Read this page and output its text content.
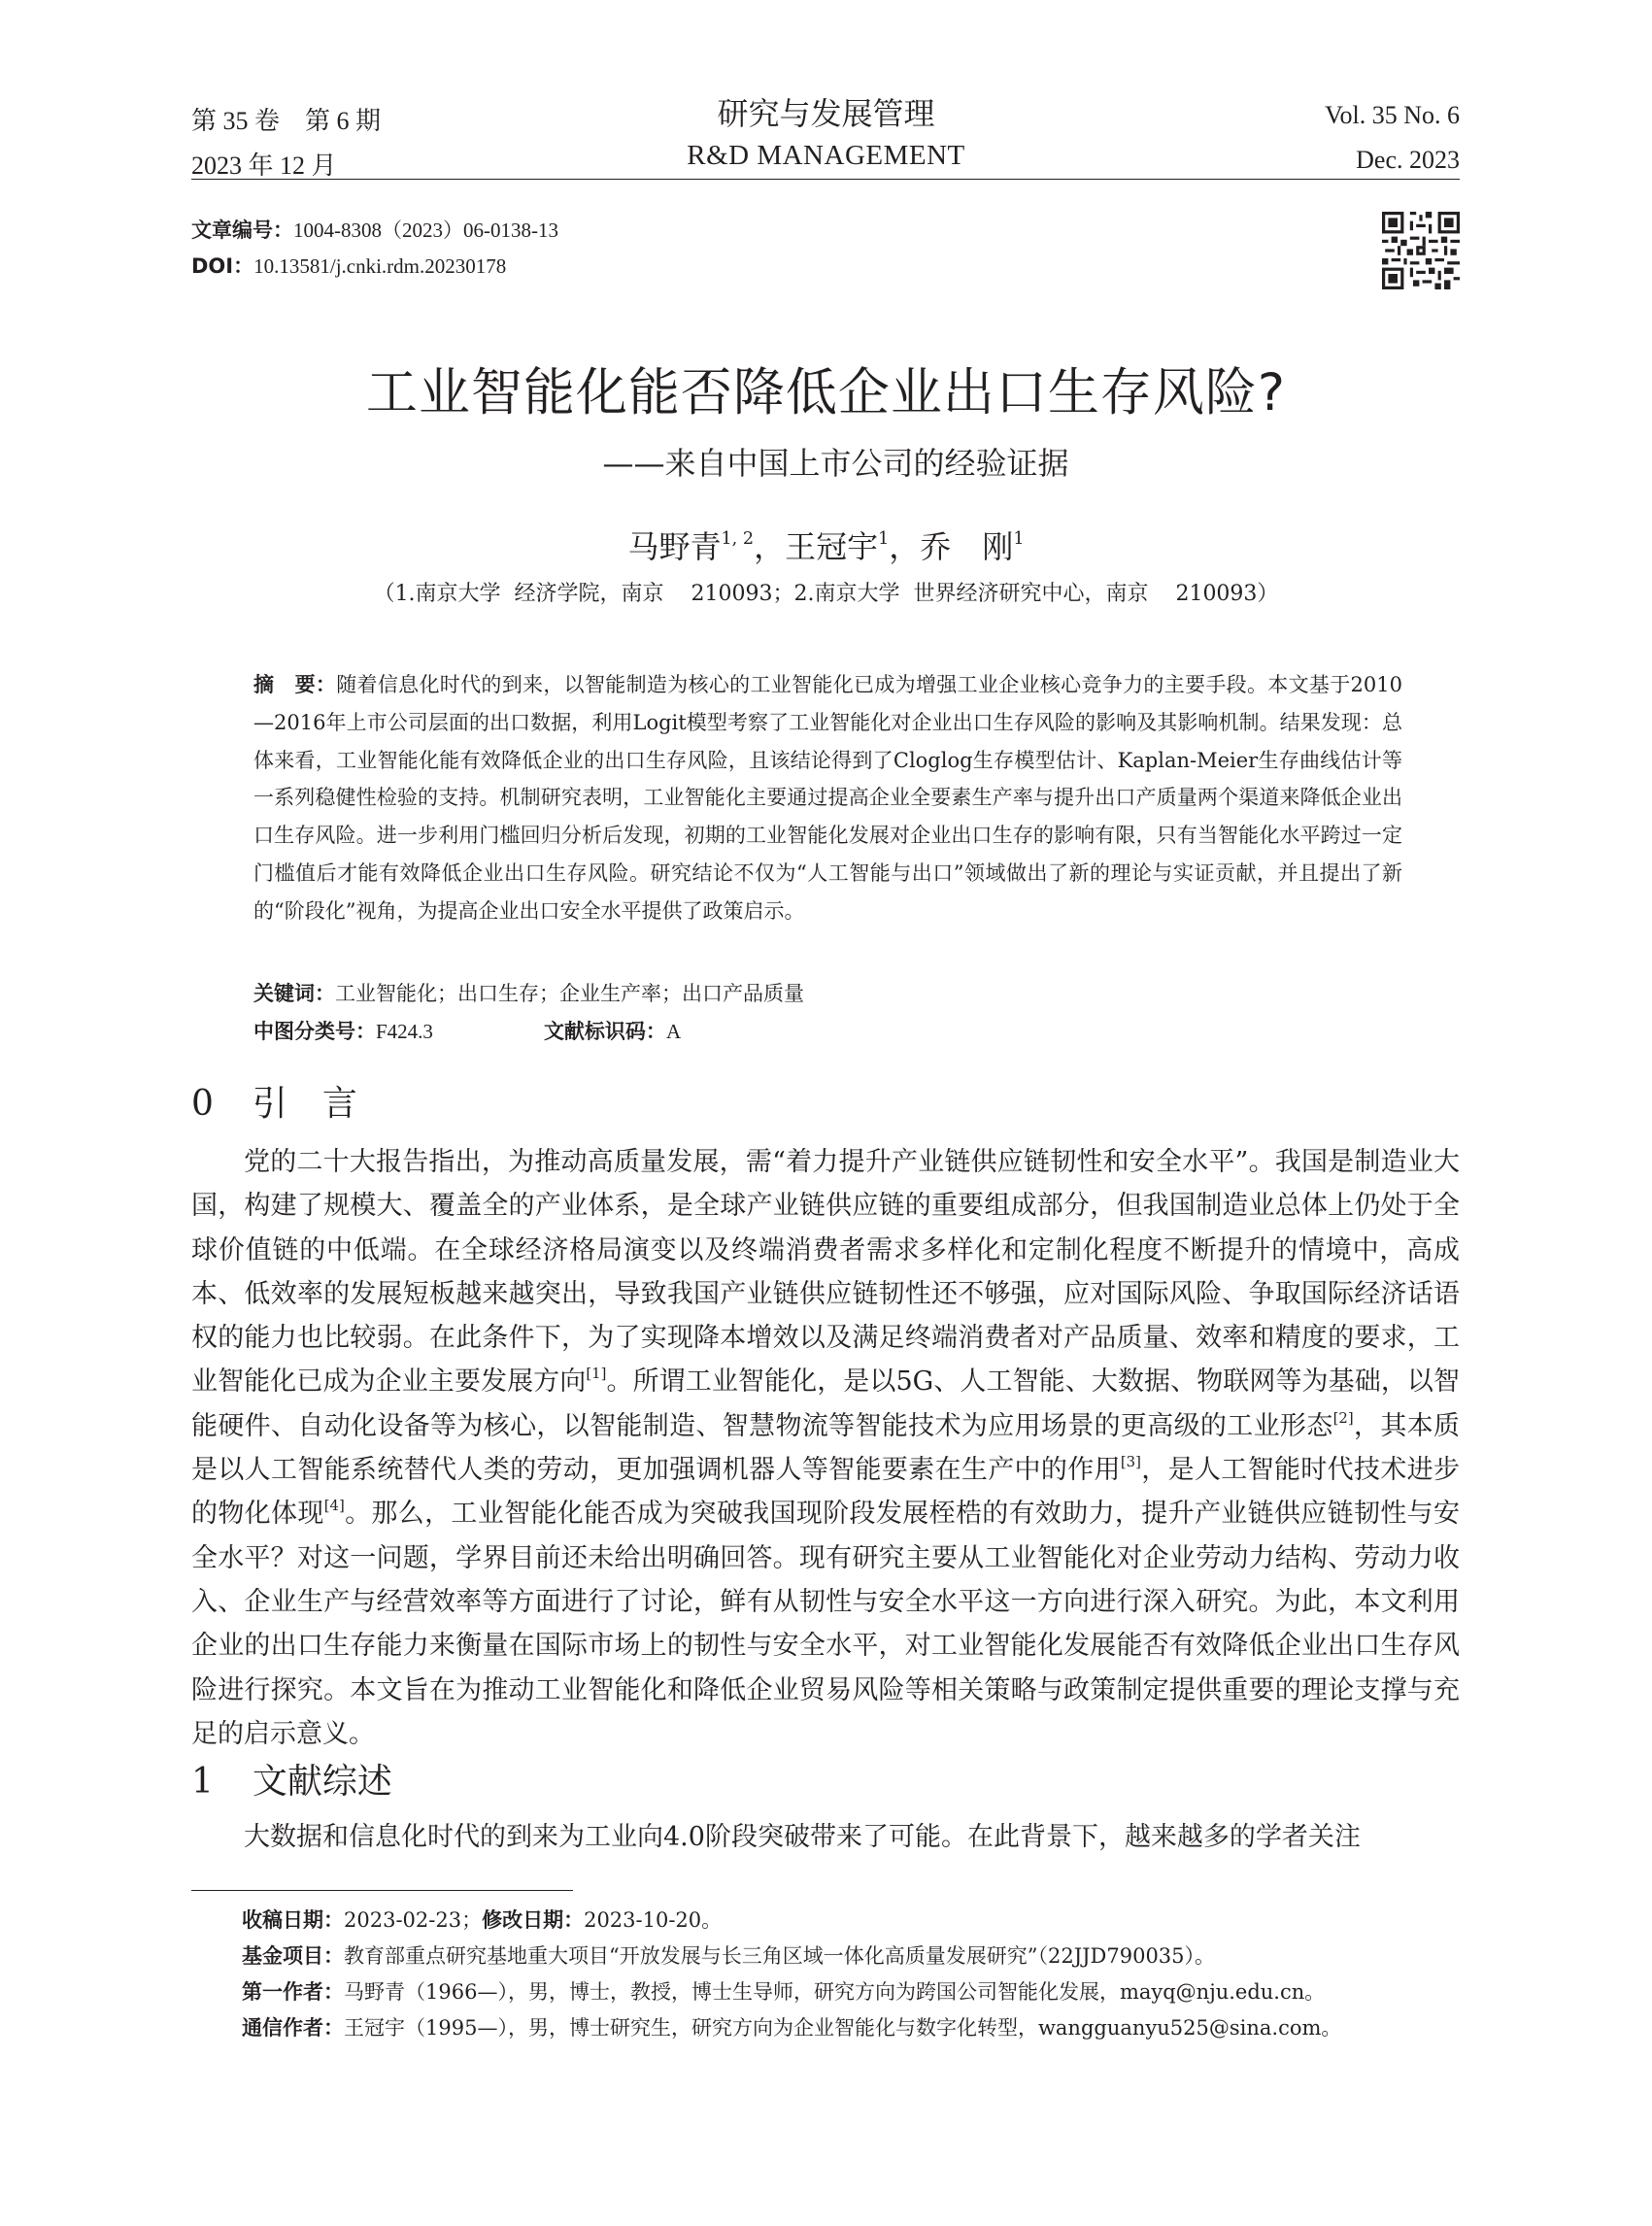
第 35 卷　第 6 期
2023 年 12 月
研究与发展管理
R&D MANAGEMENT
Vol. 35 No. 6
Dec. 2023
文章编号：1004-8308（2023）06-0138-13
DOI：10.13581/j.cnki.rdm.20230178
工业智能化能否降低企业出口生存风险?
——来自中国上市公司的经验证据
马野青$^{1, 2}$，王冠宇$^1$，乔　刚$^1$
（1.南京大学  经济学院，南京    210093；2.南京大学  世界经济研究中心，南京    210093）
摘　要：随着信息化时代的到来，以智能制造为核心的工业智能化已成为增强工业企业核心竞争力的主要手段。本文基于2010—2016年上市公司层面的出口数据，利用Logit模型考察了工业智能化对企业出口生存风险的影响及其影响机制。结果发现：总体来看，工业智能化能有效降低企业的出口生存风险，且该结论得到了Cloglog生存模型估计、Kaplan-Meier生存曲线估计等一系列稳健性检验的支持。机制研究表明，工业智能化主要通过提高企业全要素生产率与提升出口产质量两个渠道来降低企业出口生存风险。进一步利用门槛回归分析后发现，初期的工业智能化发展对企业出口生存的影响有限，只有当智能化水平跨过一定门槛值后才能有效降低企业出口生存风险。研究结论不仅为“人工智能与出口”领域做出了新的理论与实证贡献，并且提出了新的“阶段化”视角，为提高企业出口安全水平提供了政策启示。
关键词：工业智能化；出口生存；企业生产率；出口产品质量
中图分类号：F424.3	文献标识码：A
0 引　言
党的二十大报告指出，为推动高质量发展，需“着力提升产业链供应链韧性和安全水平”。我国是制造业大国，构建了规模大、覆盖全的产业体系，是全球产业链供应链的重要组成部分，但我国制造业总体上仍处于全球价值链的中低端。在全球经济格局演变以及终端消费者需求多样化和定制化程度不断提升的情境中，高成本、低效率的发展短板越来越突出，导致我国产业链供应链韧性还不够强，应对国际风险、争取国际经济话语权的能力也比较弱。在此条件下，为了实现降本增效以及满足终端消费者对产品质量、效率和精度的要求，工业智能化已成为企业主要发展方向[1]。所谓工业智能化，是以5G、人工智能、大数据、物联网等为基础，以智能硬件、自动化设备等为核心，以智能制造、智慧物流等智能技术为应用场景的更高级的工业形态[2]，其本质是以人工智能系统替代人类的劳动，更加强调机器人等智能要素在生产中的作用[3]，是人工智能时代技术进步的物化体现[4]。那么，工业智能化能否成为突破我国现阶段发展桎梏的有效助力，提升产业链供应链韧性与安全水平？对这一问题，学界目前还未给出明确回答。现有研究主要从工业智能化对企业劳动力结构、劳动力收入、企业生产与经营效率等方面进行了讨论，鲜有从韧性与安全水平这一方向进行深入研究。为此，本文利用企业的出口生存能力来衡量在国际市场上的韧性与安全水平，对工业智能化发展能否有效降低企业出口生存风险进行探究。本文旨在为推动工业智能化和降低企业贸易风险等相关策略与政策制定提供重要的理论支撑与充足的启示意义。
1 文献综述
大数据和信息化时代的到来为工业向4.0阶段突破带来了可能。在此背景下，越来越多的学者关注
收稿日期：2023-02-23；修改日期：2023-10-20。
基金项目：教育部重点研究基地重大项目“开放发展与长三角区域一体化高质量发展研究”（22JJD790035）。
第一作者：马野青（1966—），男，博士，教授，博士生导师，研究方向为跨国公司智能化发展，mayq@nju.edu.cn。
通信作者：王冠宇（1995—），男，博士研究生，研究方向为企业智能化与数字化转型，wangguanyu525@sina.com。
